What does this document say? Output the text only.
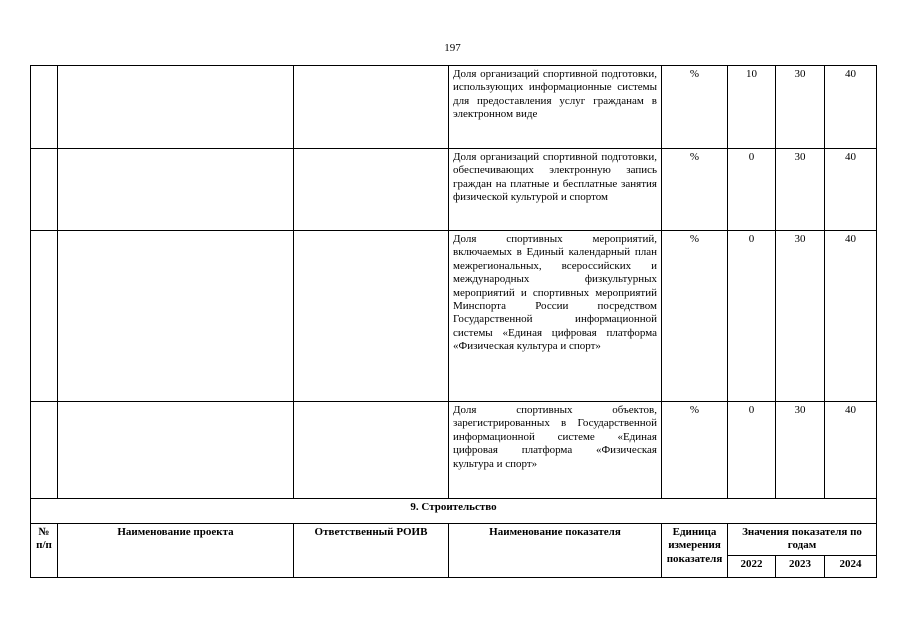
197
			Доля организаций спортивной подготовки, использующих информационные системы для предоставления услуг гражданам в электронном виде	%	10	30	40
			Доля организаций спортивной подготовки, обеспечивающих электронную запись граждан на платные и бесплатные занятия физической культурой и спортом	%	0	30	40
			Доля спортивных мероприятий, включаемых в Единый календарный план межрегиональных, всероссийских и международных физкультурных мероприятий и спортивных мероприятий Минспорта России посредством Государственной информационной системы «Единая цифровая платформа «Физическая культура и спорт»	%	0	30	40
			Доля спортивных объектов, зарегистрированных в Государственной информационной системе «Единая цифровая платформа «Физическая культура и спорт»	%	0	30	40
9. Строительство							
№ п/п	Наименование проекта	Ответственный РОИВ	Наименование показателя	Единица измерения показателя	Значения показателя по годам		
					2022	2023	2024
